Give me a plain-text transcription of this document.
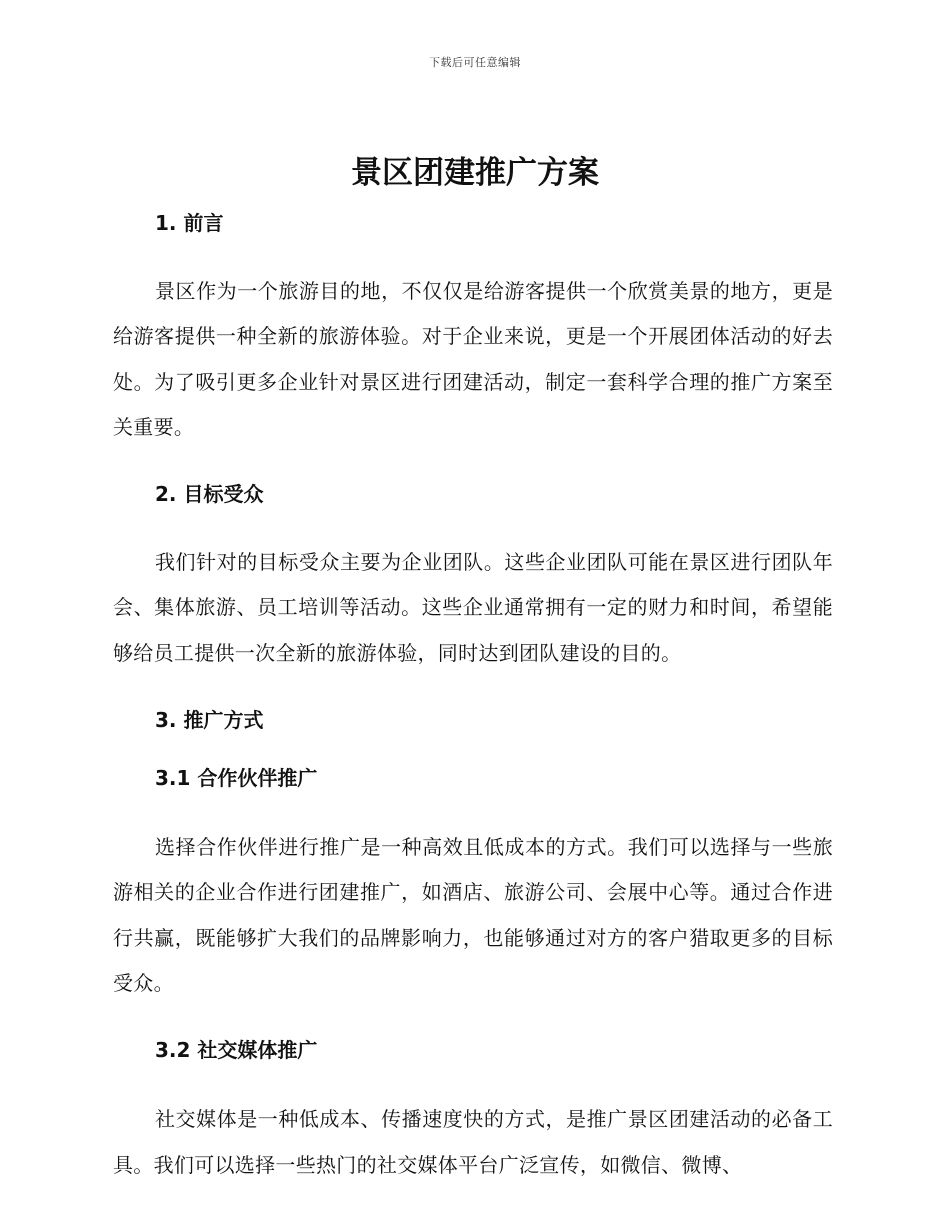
下载后可任意编辑
景区团建推广方案
1. 前言

景区作为一个旅游目的地，不仅仅是给游客提供一个欣赏美景的地方，更是给游客提供一种全新的旅游体验。对于企业来说，更是一个开展团体活动的好去处。为了吸引更多企业针对景区进行团建活动，制定一套科学合理的推广方案至关重要。

2. 目标受众

我们针对的目标受众主要为企业团队。这些企业团队可能在景区进行团队年会、集体旅游、员工培训等活动。这些企业通常拥有一定的财力和时间，希望能够给员工提供一次全新的旅游体验，同时达到团队建设的目的。

3. 推广方式
3.1 合作伙伴推广

选择合作伙伴进行推广是一种高效且低成本的方式。我们可以选择与一些旅游相关的企业合作进行团建推广，如酒店、旅游公司、会展中心等。通过合作进行共赢，既能够扩大我们的品牌影响力，也能够通过对方的客户猎取更多的目标受众。

3.2 社交媒体推广

社交媒体是一种低成本、传播速度快的方式，是推广景区团建活动的必备工具。我们可以选择一些热门的社交媒体平台广泛宣传，如微信、微博、
